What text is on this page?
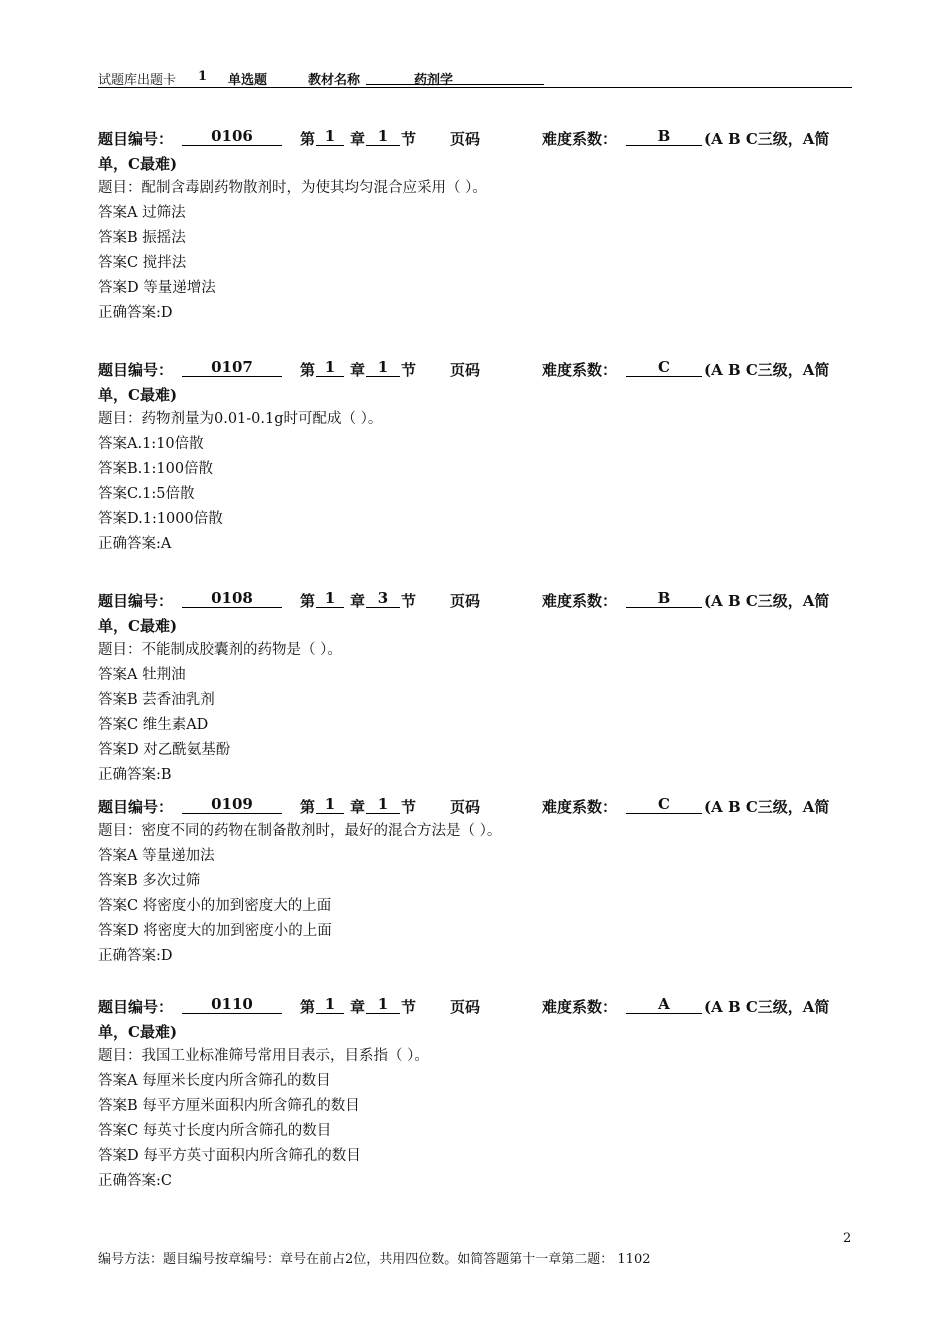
试题库出题卡 1 单选题	教材名称	药剂学
题目编号：	0106	第 1 章 1 节 页码	难度系数：	B	(A B C三级，A简
单，C最难)
题目：配制含毒剧药物散剂时，为使其均匀混合应采用（ ）。
答案A 过筛法
答案B 振摇法
答案C 搅拌法
答案D 等量递增法
正确答案:D
题目编号：	0107	第 1 章 1 节 页码	难度系数：	C	(A B C三级，A简
单，C最难)
题目：药物剂量为0.01-0.1g时可配成（ ）。
答案A.1:10倍散
答案B.1:100倍散
答案C.1:5倍散
答案D.1:1000倍散
正确答案:A
题目编号：	0108	第 1 章 3 节 页码	难度系数：	B	(A B C三级，A简
单，C最难)
题目：不能制成胶囊剂的药物是（ ）。
答案A 牡荆油
答案B 芸香油乳剂
答案C 维生素AD
答案D 对乙酰氨基酚
正确答案:B
题目编号：	0109	第 1 章 1 节 页码	难度系数：	C	(A B C三级，A简
题目：密度不同的药物在制备散剂时，最好的混合方法是（ ）。
答案A 等量递加法
答案B 多次过筛
答案C 将密度小的加到密度大的上面
答案D 将密度大的加到密度小的上面
正确答案:D
题目编号：	0110	第 1 章 1 节 页码	难度系数：	A	(A B C三级，A简
单，C最难)
题目：我国工业标准筛号常用目表示，目系指（ ）。
答案A 每厘米长度内所含筛孔的数目
答案B 每平方厘米面积内所含筛孔的数目
答案C 每英寸长度内所含筛孔的数目
答案D 每平方英寸面积内所含筛孔的数目
正确答案:C
2
编号方法：题目编号按章编号：章号在前占2位，共用四位数。如简答题第十一章第二题： 1102
